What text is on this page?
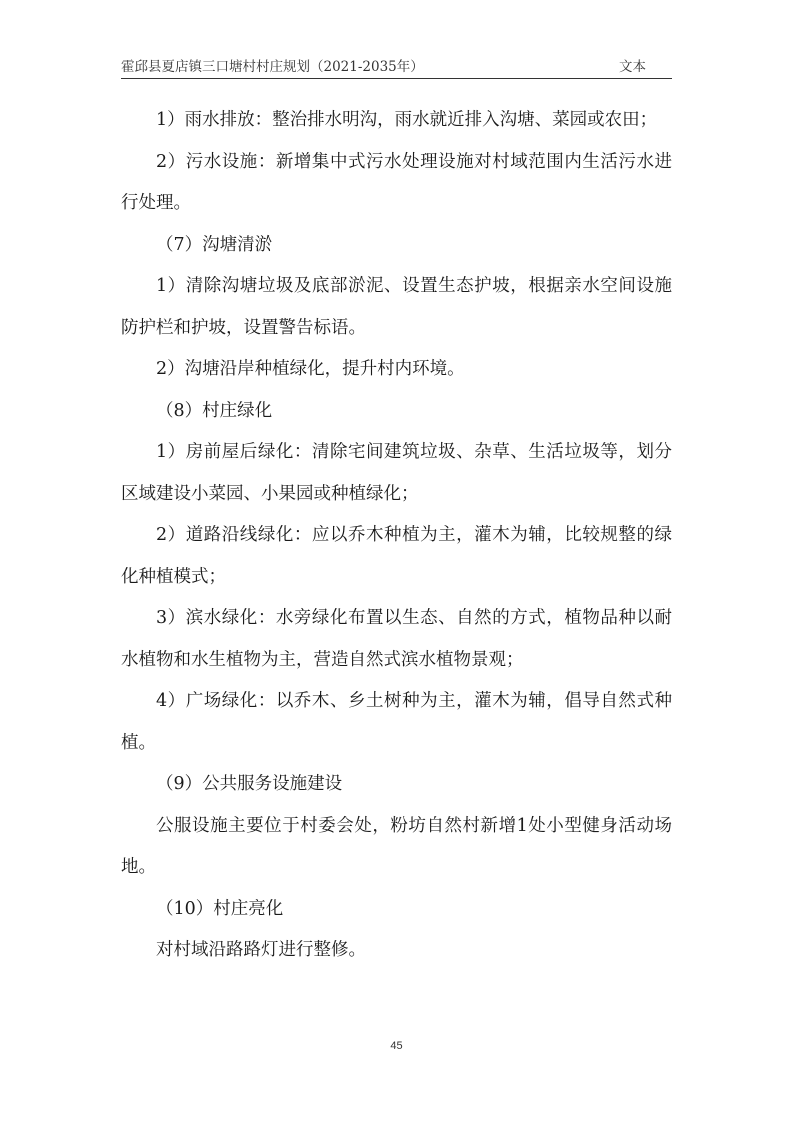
霍邱县夏店镇三口塘村村庄规划（2021-2035年）	文本

1）雨水排放：整治排水明沟，雨水就近排入沟塘、菜园或农田；

2）污水设施：新增集中式污水处理设施对村域范围内生活污水进行处理。

（7）沟塘清淤

1）清除沟塘垃圾及底部淤泥、设置生态护坡，根据亲水空间设施防护栏和护坡，设置警告标语。

2）沟塘沿岸种植绿化，提升村内环境。

（8）村庄绿化

1）房前屋后绿化：清除宅间建筑垃圾、杂草、生活垃圾等，划分区域建设小菜园、小果园或种植绿化；

2）道路沿线绿化：应以乔木种植为主，灌木为辅，比较规整的绿化种植模式；

3）滨水绿化：水旁绿化布置以生态、自然的方式，植物品种以耐水植物和水生植物为主，营造自然式滨水植物景观；

4）广场绿化：以乔木、乡土树种为主，灌木为辅，倡导自然式种植。

（9）公共服务设施建设

公服设施主要位于村委会处，粉坊自然村新增1处小型健身活动场地。

（10）村庄亮化

对村域沿路路灯进行整修。

45
